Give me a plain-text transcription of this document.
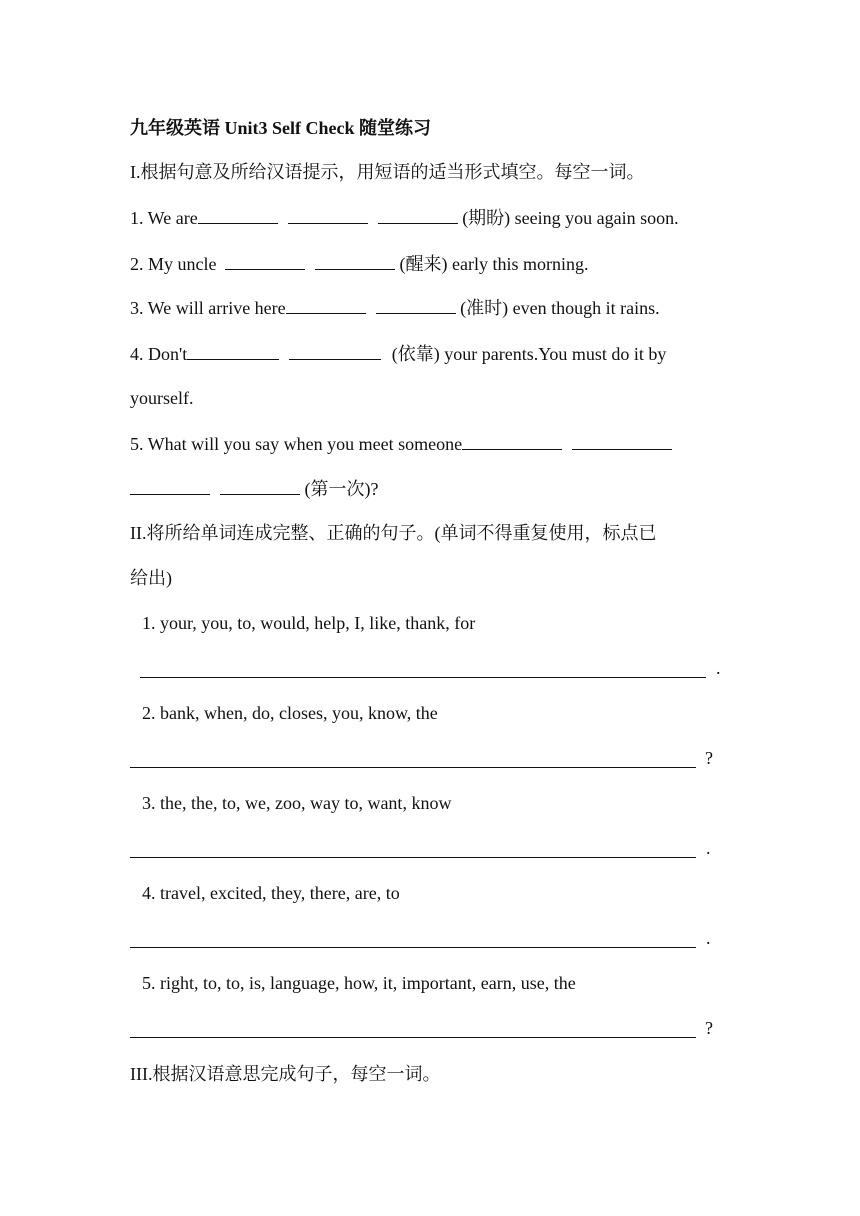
九年级英语 Unit3 Self Check 随堂练习
I.根据句意及所给汉语提示，用短语的适当形式填空。每空一词。
1. We are	(期盼) seeing you again soon.
2. My uncle	(醒来) early this morning.
3. We will arrive here	(准时) even though it rains.
4. Don't	(依靠) your parents.You must do it by
yourself.
5. What will you say when you meet someone
(第一次)?
II.将所给单词连成完整、正确的句子。(单词不得重复使用，标点已
给出)
1. your, you, to, would, help, I, like, thank, for
.
2. bank, when, do, closes, you, know, the
?
3. the, the, to, we, zoo, way to, want, know
.
4. travel, excited, they, there, are, to
.
5. right, to, to, is, language, how, it, important, earn, use, the
?
III.根据汉语意思完成句子，每空一词。
